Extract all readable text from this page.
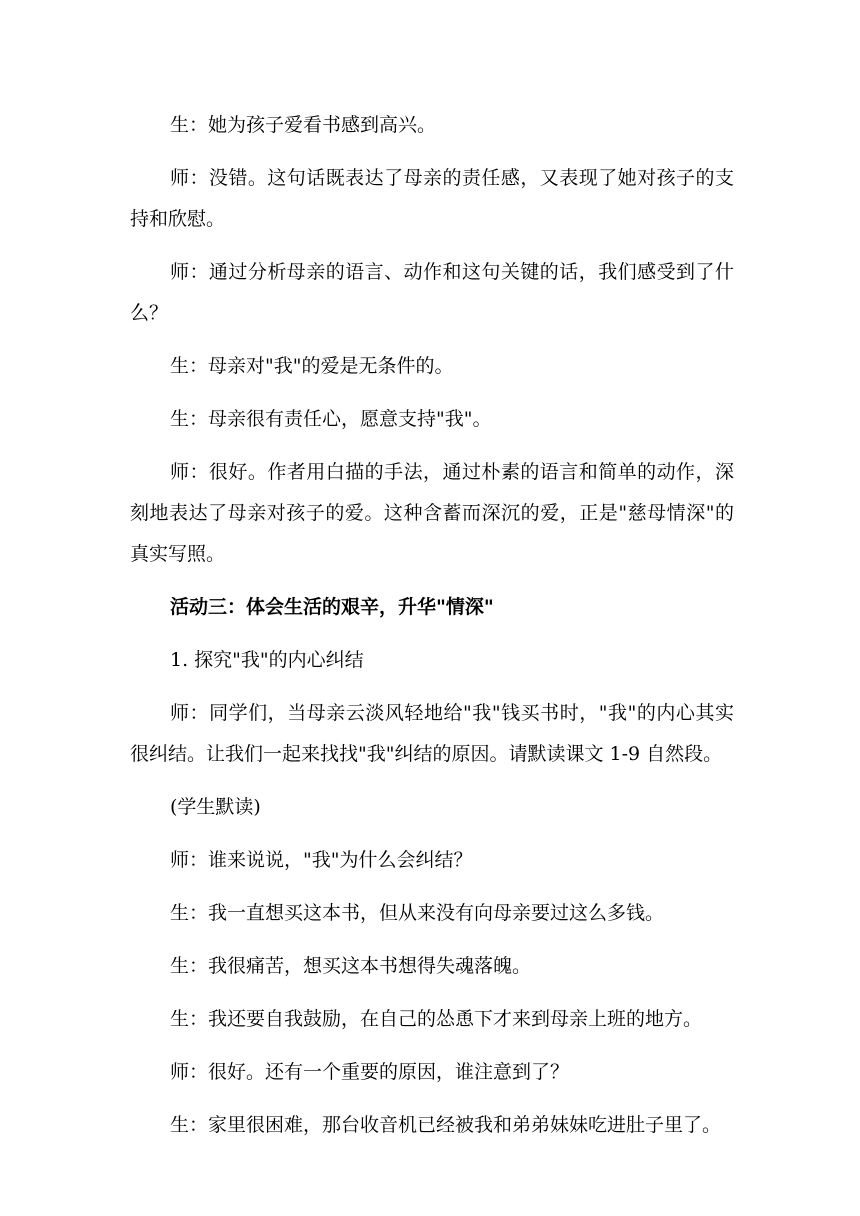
生：她为孩子爱看书感到高兴。

师：没错。这句话既表达了母亲的责任感，又表现了她对孩子的支持和欣慰。

师：通过分析母亲的语言、动作和这句关键的话，我们感受到了什么？

生：母亲对"我"的爱是无条件的。

生：母亲很有责任心，愿意支持"我"。

师：很好。作者用白描的手法，通过朴素的语言和简单的动作，深刻地表达了母亲对孩子的爱。这种含蓄而深沉的爱，正是"慈母情深"的真实写照。

活动三：体会生活的艰辛，升华"情深"

1. 探究"我"的内心纠结

师：同学们，当母亲云淡风轻地给"我"钱买书时，"我"的内心其实很纠结。让我们一起来找找"我"纠结的原因。请默读课文 1-9 自然段。

(学生默读)

师：谁来说说，"我"为什么会纠结？

生：我一直想买这本书，但从来没有向母亲要过这么多钱。

生：我很痛苦，想买这本书想得失魂落魄。

生：我还要自我鼓励，在自己的怂恿下才来到母亲上班的地方。

师：很好。还有一个重要的原因，谁注意到了？

生：家里很困难，那台收音机已经被我和弟弟妹妹吃进肚子里了。
